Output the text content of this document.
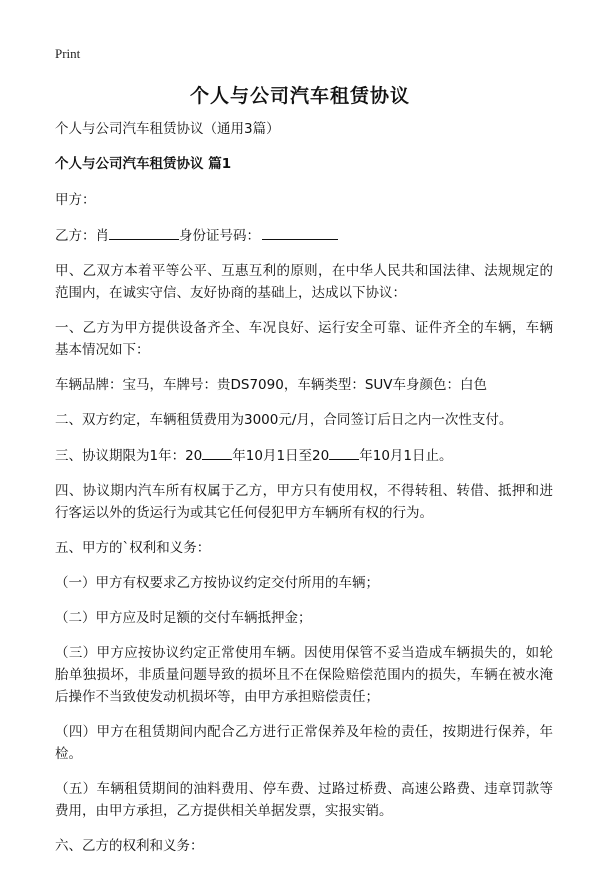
Print
个人与公司汽车租赁协议

个人与公司汽车租赁协议（通用3篇）

个人与公司汽车租赁协议 篇1

甲方：

乙方：肖	身份证号码：

甲、乙双方本着平等公平、互惠互利的原则，在中华人民共和国法律、法规规定的范围内，在诚实守信、友好协商的基础上，达成以下协议：

一、乙方为甲方提供设备齐全、车况良好、运行安全可靠、证件齐全的车辆，车辆基本情况如下：

车辆品牌：宝马，车牌号：贵DS7090，车辆类型：SUV车身颜色：白色

二、双方约定，车辆租赁费用为3000元/月，合同签订后日之内一次性支付。

三、协议期限为1年：20 年10月1日至20 年10月1日止。

四、协议期内汽车所有权属于乙方，甲方只有使用权，不得转租、转借、抵押和进行客运以外的货运行为或其它任何侵犯甲方车辆所有权的行为。

五、甲方的`权利和义务：

（一）甲方有权要求乙方按协议约定交付所用的车辆；

（二）甲方应及时足额的交付车辆抵押金；

（三）甲方应按协议约定正常使用车辆。因使用保管不妥当造成车辆损失的，如轮胎单独损坏，非质量问题导致的损坏且不在保险赔偿范围内的损失，车辆在被水淹后操作不当致使发动机损坏等，由甲方承担赔偿责任；

（四）甲方在租赁期间内配合乙方进行正常保养及年检的责任，按期进行保养，年检。

（五）车辆租赁期间的油料费用、停车费、过路过桥费、高速公路费、违章罚款等费用，由甲方承担，乙方提供相关单据发票，实报实销。

六、乙方的权利和义务：
